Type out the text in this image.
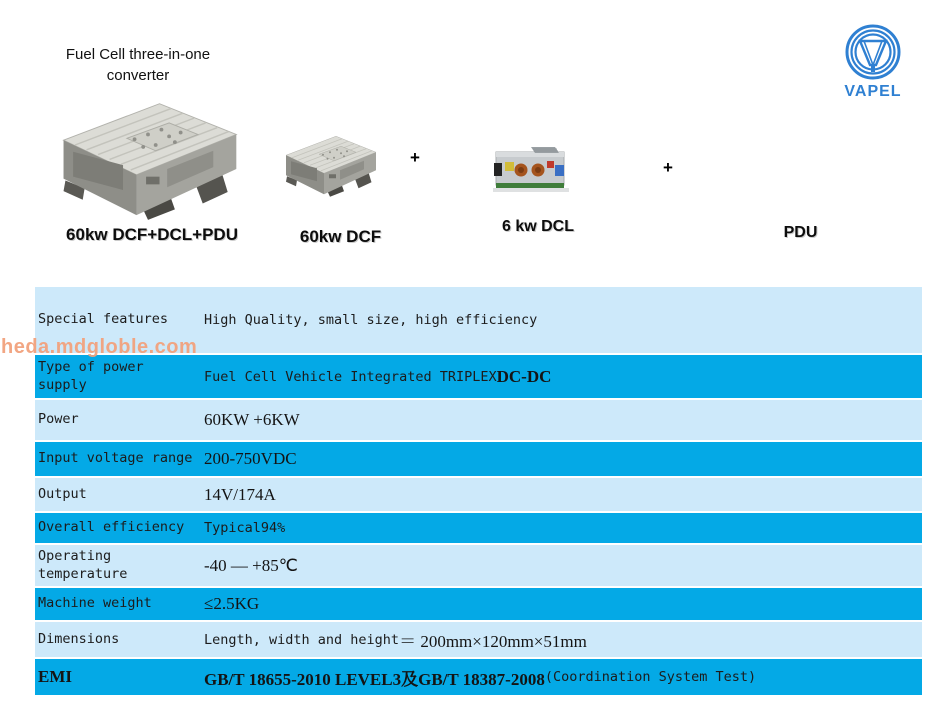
Fuel Cell three-in-one
converter
VAPEL
+
+
60kw DCF+DCL+PDU	60kw DCF
6 kw DCL	PDU
heda.mdgloble.com
Special features	High Quality, small size, high efficiency
Type of power supply	Fuel Cell Vehicle Integrated TRIPLEX DC-DC
Power	60KW +6KW
Input voltage range 200-750VDC
Output	14V/174A
Overall efficiency Typical94%
Operating temperature	-40 — +85℃
Machine weight	≤2.5KG
Dimensions	Length, width and height ＝ 200mm×120mm×51mm
EMI	GB/T 18655-2010 LEVEL3及GB/T 18387-2008 (Coordination System Test)
